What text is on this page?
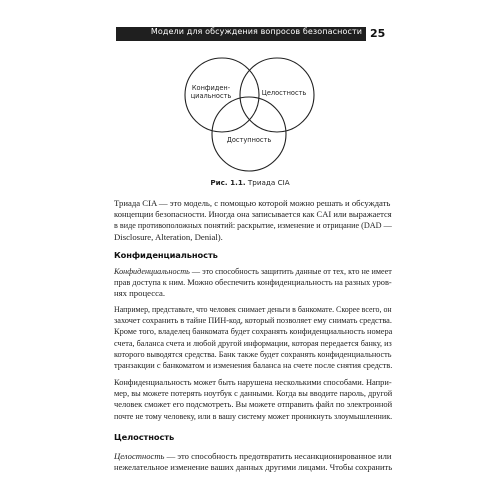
Модели для обсуждения вопросов безопасности 25
Конфиден-
циальность	Целостность
Доступность
Рис. 1.1. Триада CIA
Триада CIA — это модель, с помощью которой можно решать и обсуждать
концепции безопасности. Иногда она записывается как CAI или выражается в виде противоположных понятий: раскрытие, изменение и отрицание (DAD —
Disclosure, Alteration, Denial).
Конфиденциальность
Конфиденциальность — это способность защитить данные от тех, кто не имеет прав доступа к ним. Можно обеспечить конфиденциальность на разных уров-
нях процесса.
Например, представьте, что человек снимает деньги в банкомате. Скорее всего, он захочет сохранить в тайне ПИН-код, который позволяет ему снимать средства. Кроме того, владелец банкомата будет сохранять конфиденциальность номера счета, баланса счета и любой другой информации, которая передается банку, из которого выводятся средства. Банк также будет сохранять конфиденциальность транзакции с банкоматом и изменения баланса на счете после снятия средств.
Конфиденциальность может быть нарушена несколькими способами. Напри- мер, вы можете потерять ноутбук с данными. Когда вы вводите пароль, другой человек сможет его подсмотреть. Вы можете отправить файл по электронной почте не тому человеку, или в вашу систему может проникнуть злоумышленник.
Целостность
Целостность — это способность предотвратить несанкционированное или нежелательное изменение ваших данных другими лицами. Чтобы сохранить
